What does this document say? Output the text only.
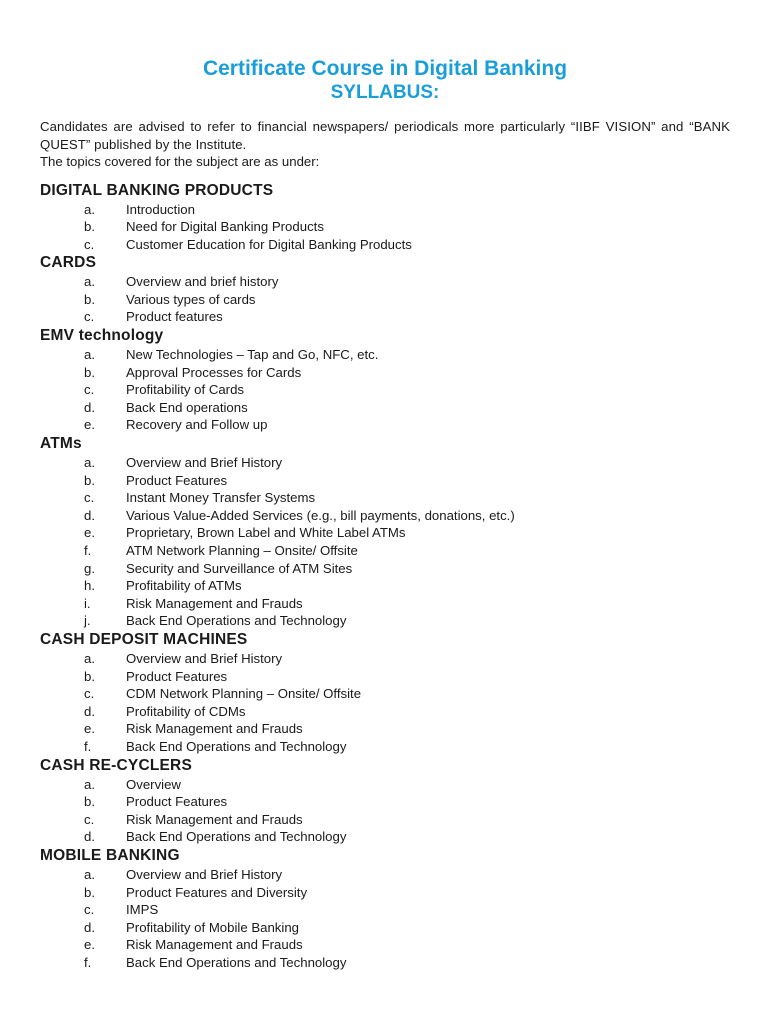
Certificate Course in Digital Banking
SYLLABUS:

Candidates are advised to refer to financial newspapers/ periodicals more particularly “IIBF VISION” and “BANK QUEST” published by the Institute.

The topics covered for the subject are as under:

DIGITAL BANKING PRODUCTS
a.	Introduction
b.	Need for Digital Banking Products
c.	Customer Education for Digital Banking Products
CARDS
a.	Overview and brief history
b.	Various types of cards
c.	Product features
EMV technology
a.	New Technologies – Tap and Go, NFC, etc.
b.	Approval Processes for Cards
c.	Profitability of Cards
d.	Back End operations
e.	Recovery and Follow up
ATMs
a.	Overview and Brief History
b.	Product Features
c.	Instant Money Transfer Systems
d.	Various Value-Added Services (e.g., bill payments, donations, etc.)
e.	Proprietary, Brown Label and White Label ATMs
f.	ATM Network Planning – Onsite/ Offsite
g.	Security and Surveillance of ATM Sites
h.	Profitability of ATMs
i.	Risk Management and Frauds
j.	Back End Operations and Technology
CASH DEPOSIT MACHINES
a.	Overview and Brief History
b.	Product Features
c.	CDM Network Planning – Onsite/ Offsite
d.	Profitability of CDMs
e.	Risk Management and Frauds
f.	Back End Operations and Technology
CASH RE-CYCLERS
a.	Overview
b.	Product Features
c.	Risk Management and Frauds
d.	Back End Operations and Technology
MOBILE BANKING
a.	Overview and Brief History
b.	Product Features and Diversity
c.	IMPS
d.	Profitability of Mobile Banking
e.	Risk Management and Frauds
f.	Back End Operations and Technology
